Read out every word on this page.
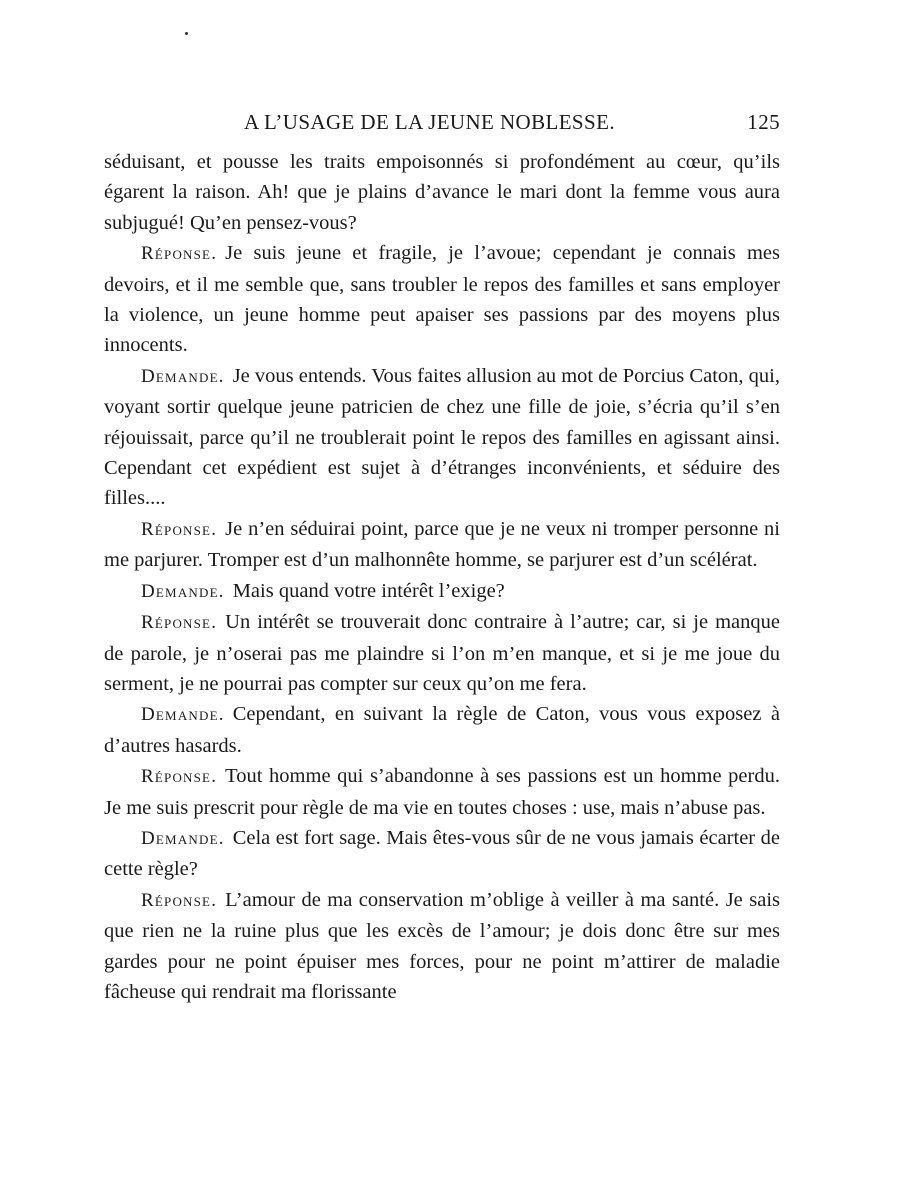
A L’USAGE DE LA JEUNE NOBLESSE.	125

séduisant, et pousse les traits empoisonnés si profondément au cœur, qu’ils égarent la raison. Ah! que je plains d’avance le mari dont la femme vous aura subjugué! Qu’en pensez-vous?

Réponse. Je suis jeune et fragile, je l’avoue; cependant je connais mes devoirs, et il me semble que, sans troubler le repos des familles et sans employer la violence, un jeune homme peut apaiser ses passions par des moyens plus innocents.

Demande. Je vous entends. Vous faites allusion au mot de Porcius Caton, qui, voyant sortir quelque jeune patricien de chez une fille de joie, s’écria qu’il s’en réjouissait, parce qu’il ne troublerait point le repos des familles en agissant ainsi. Cependant cet expédient est sujet à d’étranges inconvénients, et séduire des filles....

Réponse. Je n’en séduirai point, parce que je ne veux ni tromper personne ni me parjurer. Tromper est d’un malhonnête homme, se parjurer est d’un scélérat.

Demande. Mais quand votre intérêt l’exige?

Réponse. Un intérêt se trouverait donc contraire à l’autre; car, si je manque de parole, je n’oserai pas me plaindre si l’on m’en manque, et si je me joue du serment, je ne pourrai pas compter sur ceux qu’on me fera.

Demande. Cependant, en suivant la règle de Caton, vous vous exposez à d’autres hasards.

Réponse. Tout homme qui s’abandonne à ses passions est un homme perdu. Je me suis prescrit pour règle de ma vie en toutes choses : use, mais n’abuse pas.

Demande. Cela est fort sage. Mais êtes-vous sûr de ne vous jamais écarter de cette règle?

Réponse. L’amour de ma conservation m’oblige à veiller à ma santé. Je sais que rien ne la ruine plus que les excès de l’amour; je dois donc être sur mes gardes pour ne point épuiser mes forces, pour ne point m’attirer de maladie fâcheuse qui rendrait ma florissante
